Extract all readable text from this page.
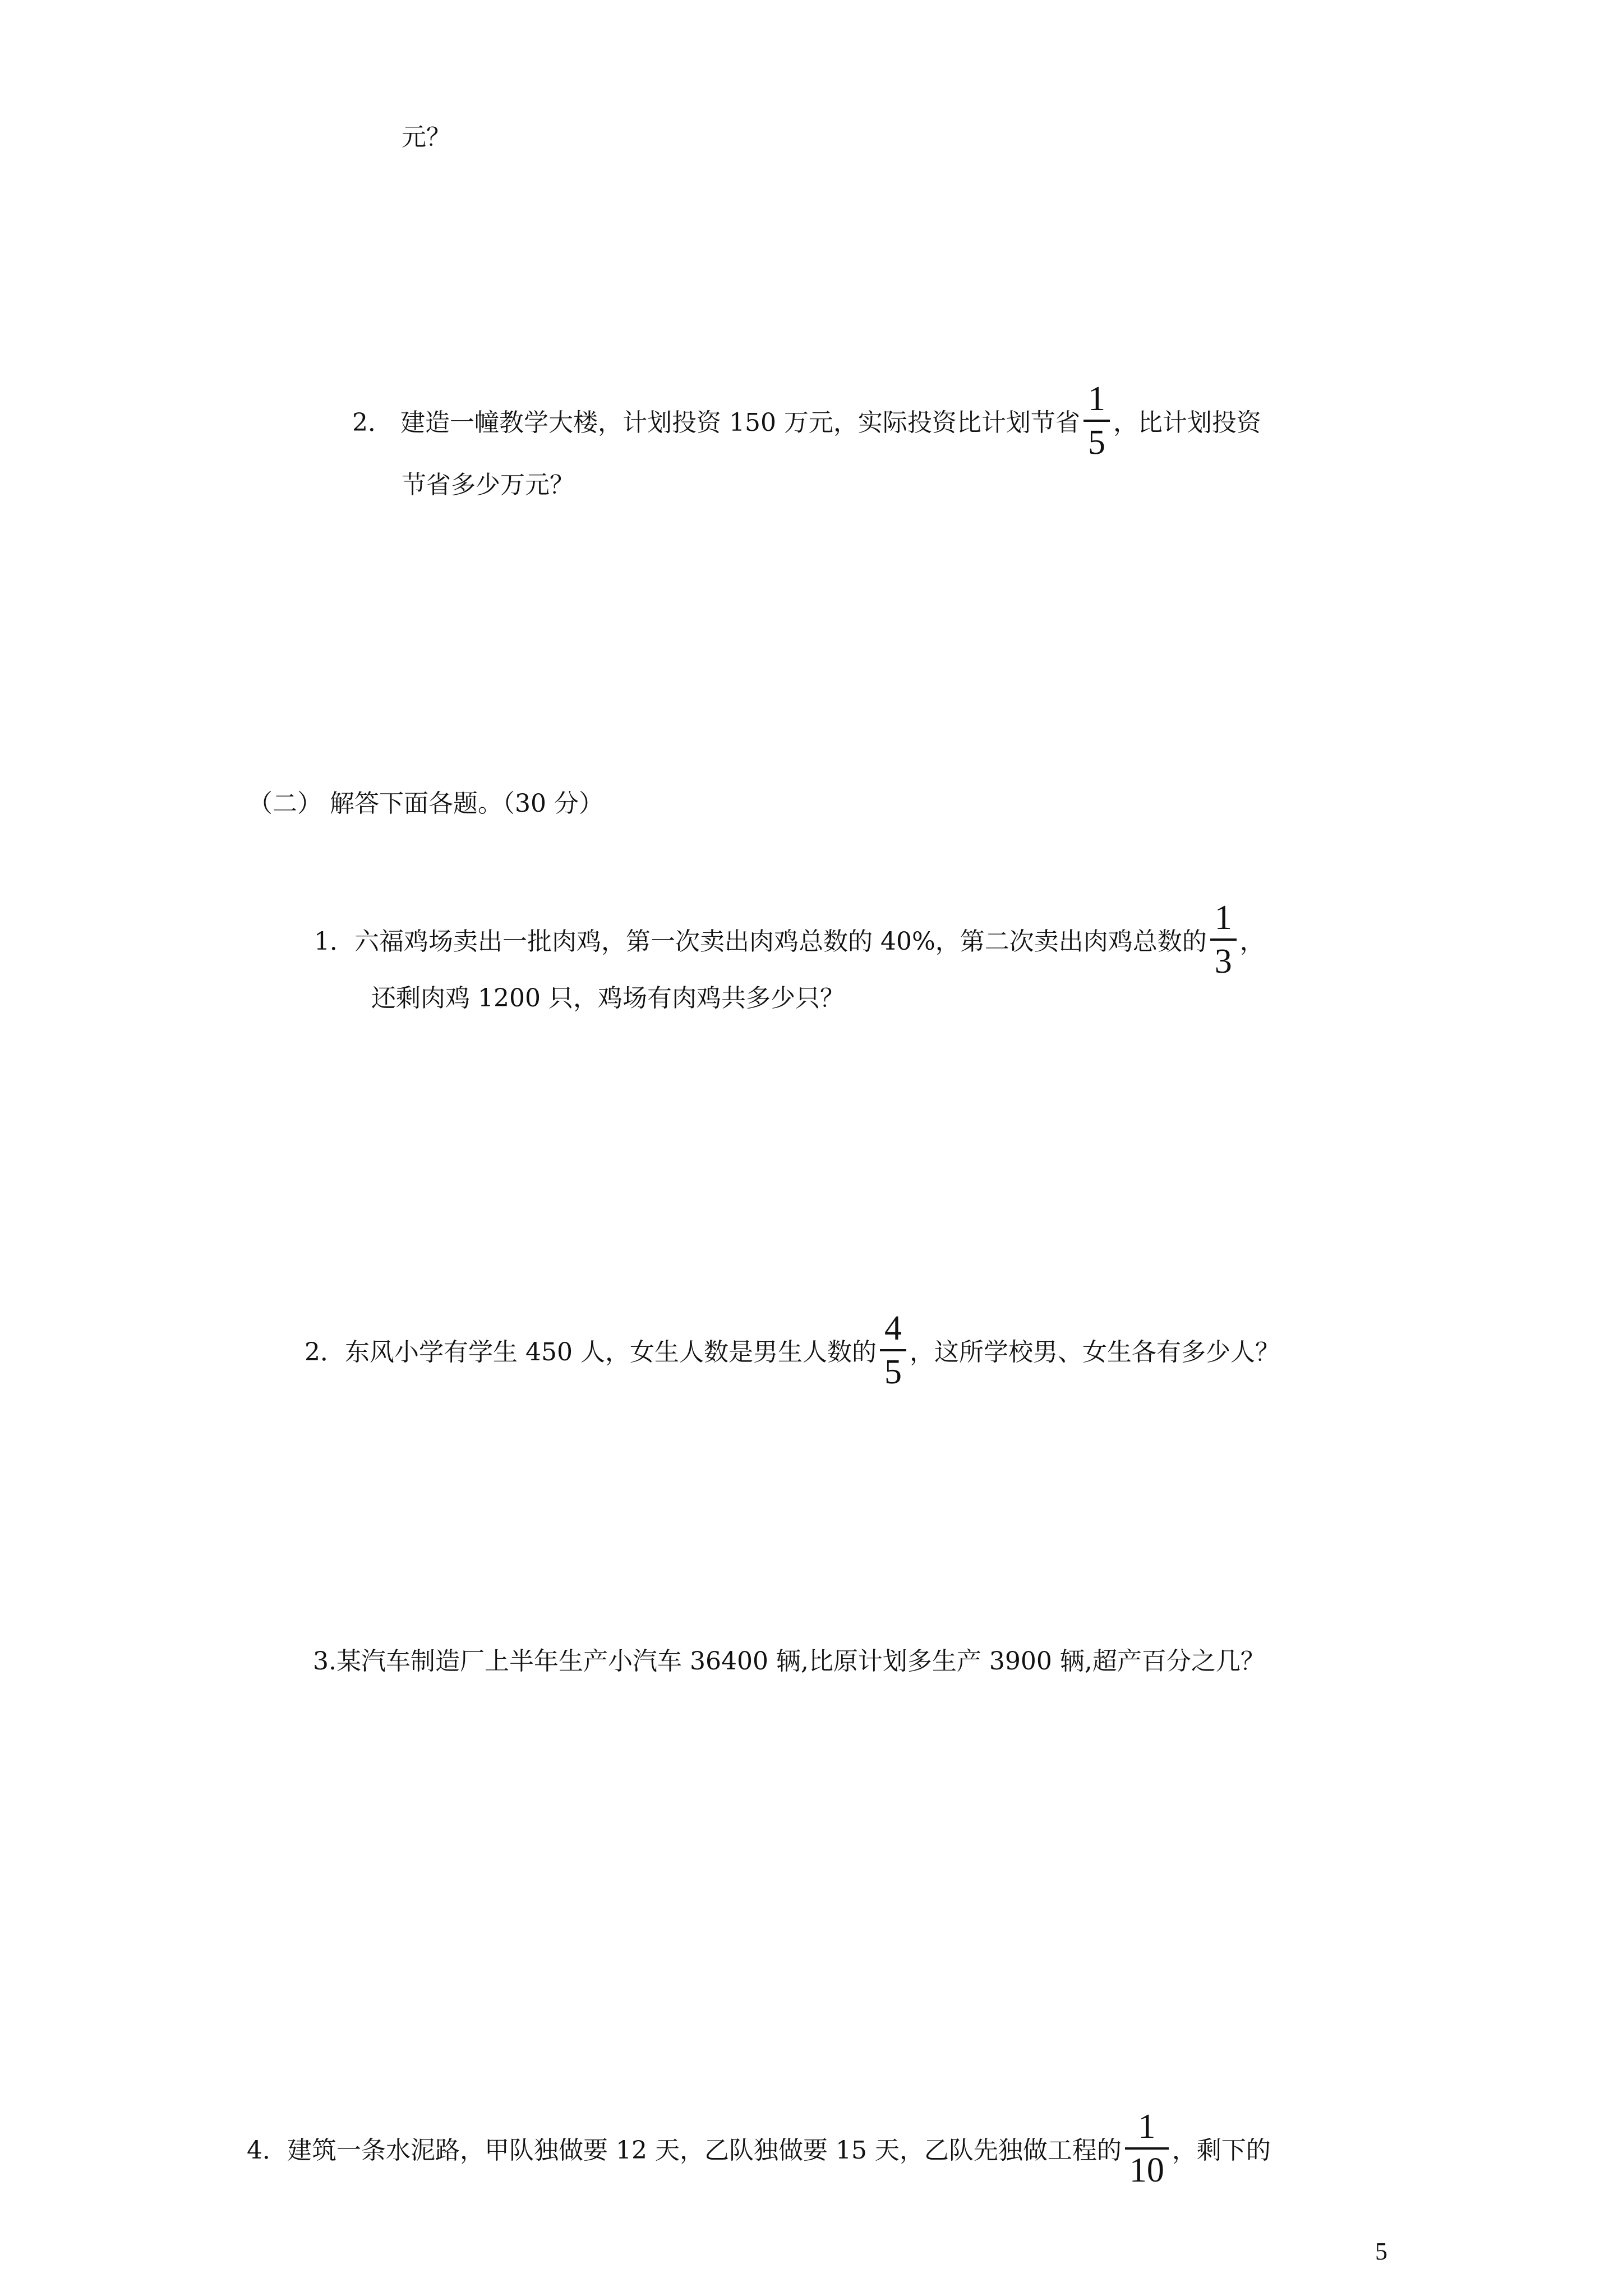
元？
2． 建造一幢教学大楼，计划投资 150 万元，实际投资比计划节省 $\frac{1}{5}$ ，比计划投资
节省多少万元？
（二） 解答下面各题。（30 分）
1．六福鸡场卖出一批肉鸡，第一次卖出肉鸡总数的 40%，第二次卖出肉鸡总数的 $\frac{1}{3}$ ，
还剩肉鸡 1200 只，鸡场有肉鸡共多少只？
2．东风小学有学生 450 人，女生人数是男生人数的 $\frac{4}{5}$ ，这所学校男、女生各有多少人？
3.某汽车制造厂上半年生产小汽车 36400 辆,比原计划多生产 3900 辆,超产百分之几？
4．建筑一条水泥路，甲队独做要 12 天，乙队独做要 15 天，乙队先独做工程的 $\frac{1}{10}$ ，剩下的
5
